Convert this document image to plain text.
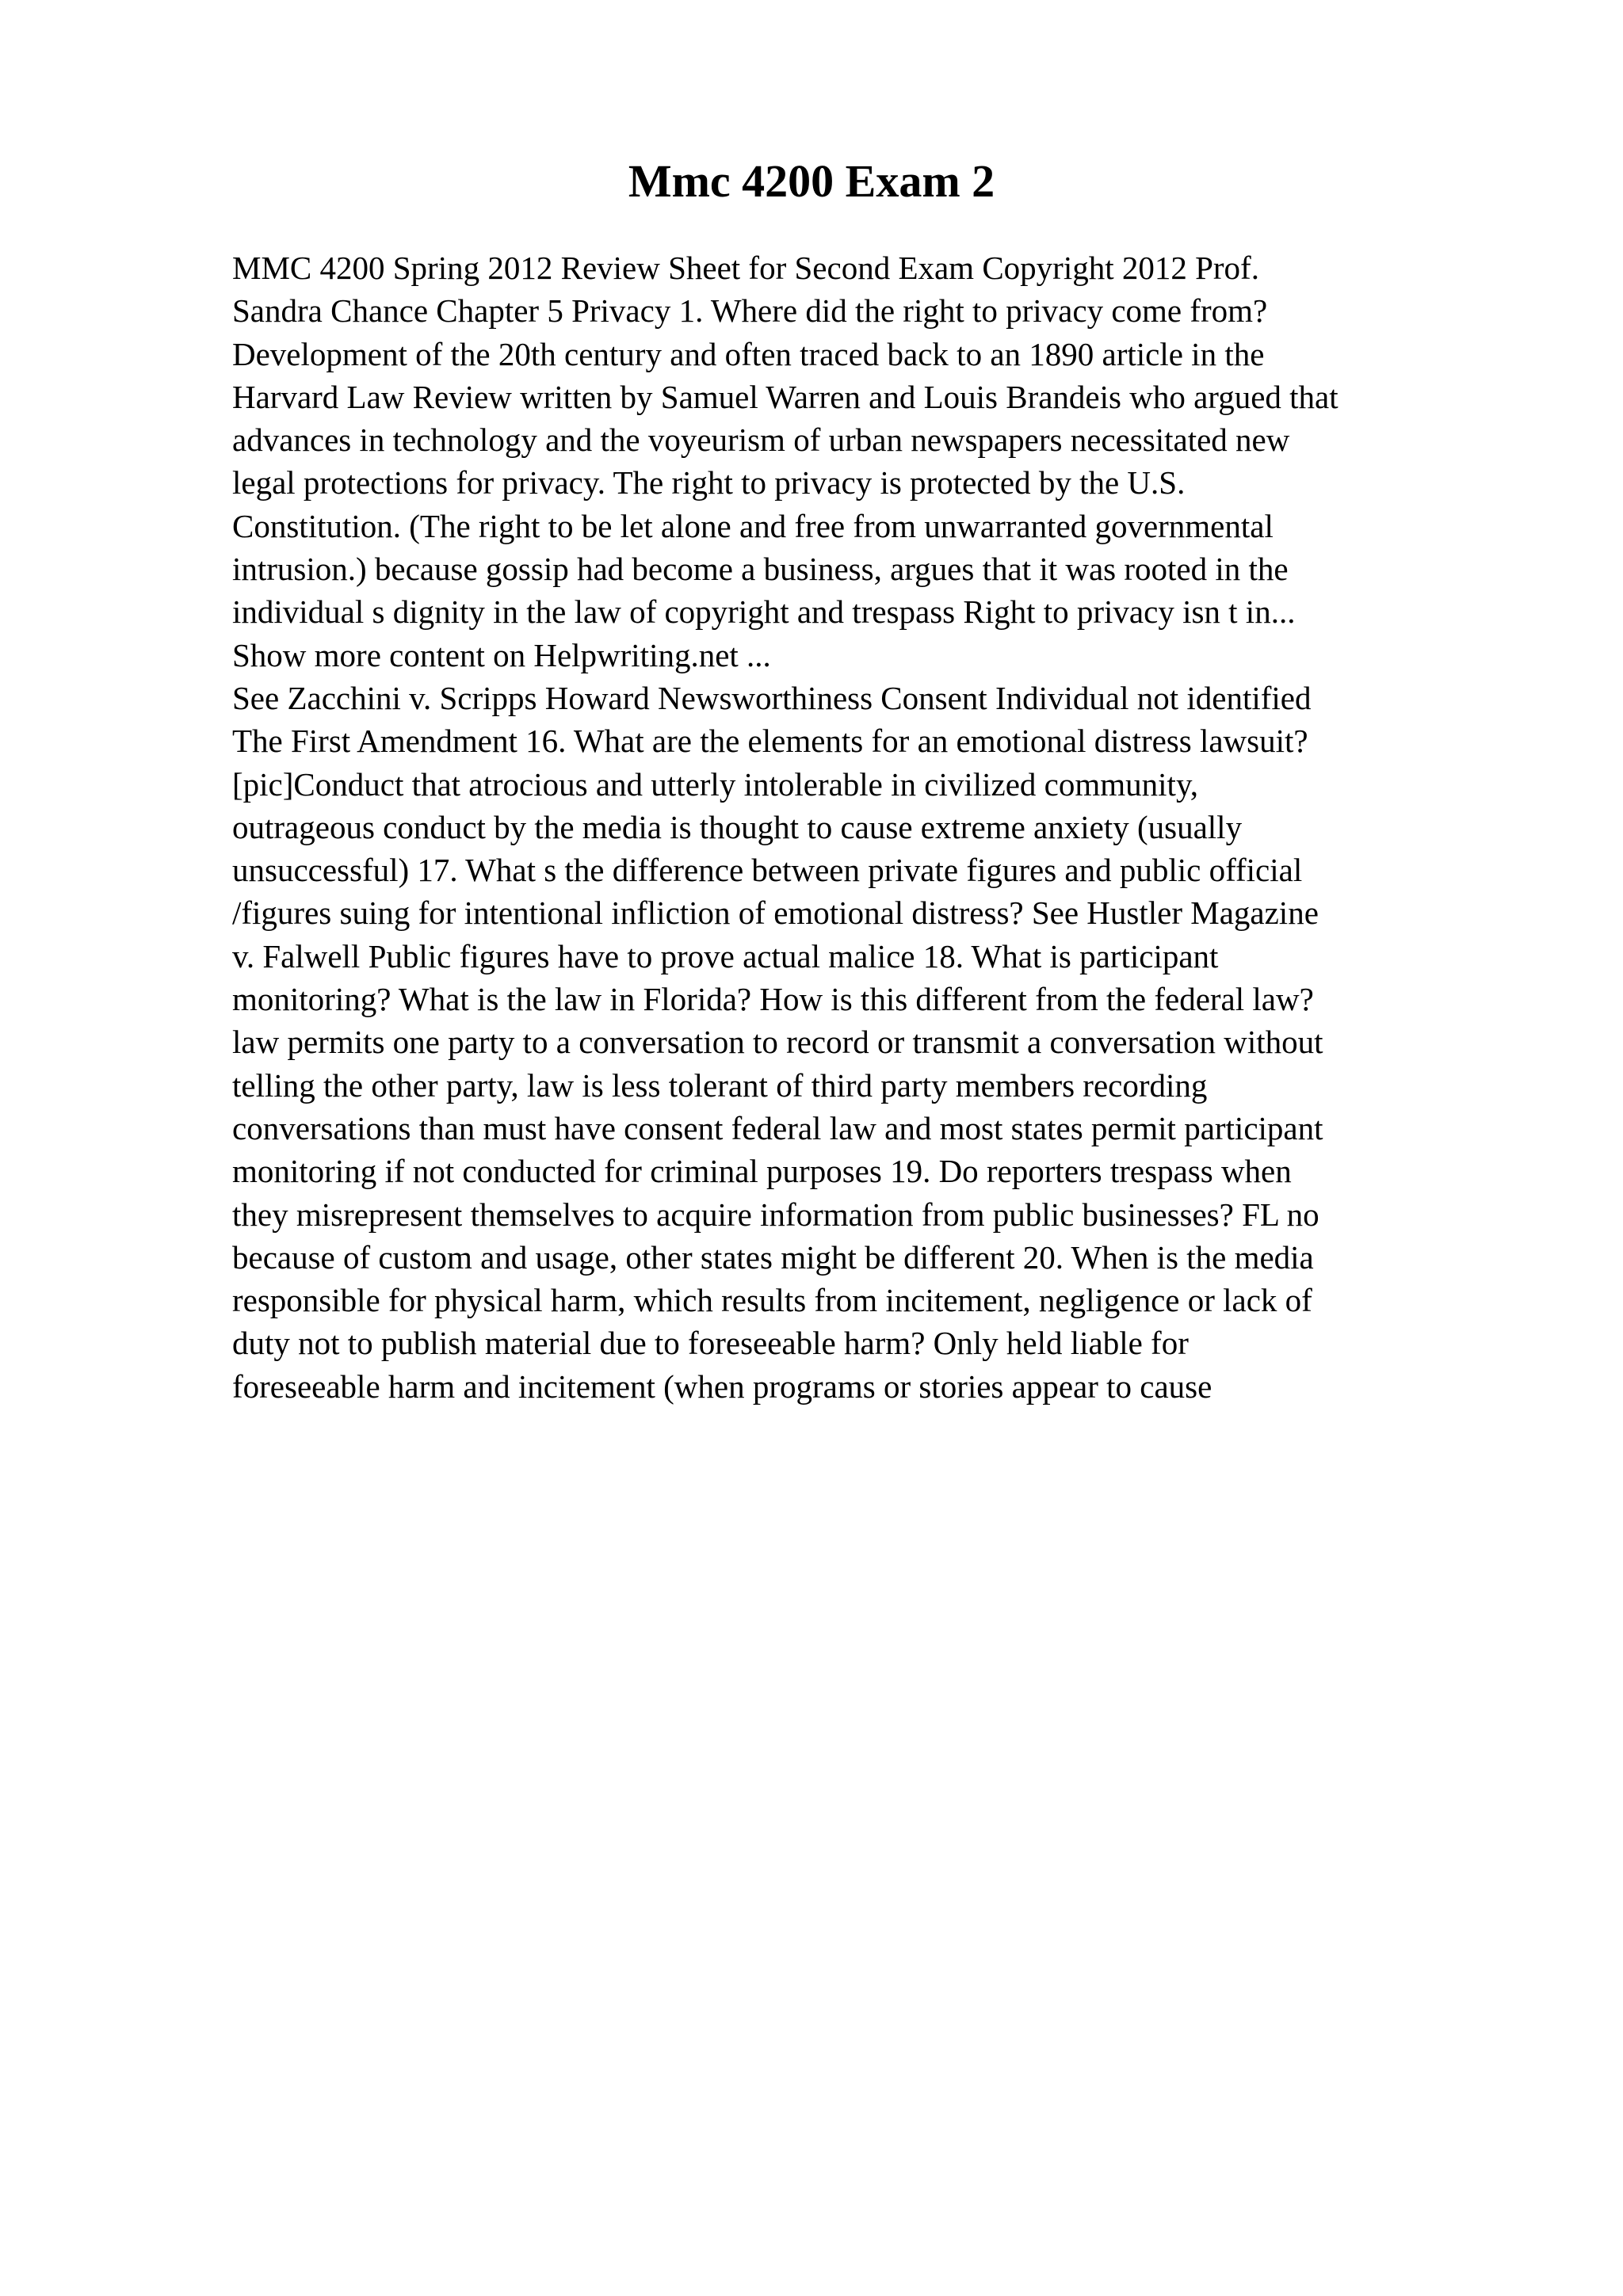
Mmc 4200 Exam 2
MMC 4200 Spring 2012 Review Sheet for Second Exam Copyright 2012 Prof.
Sandra Chance Chapter 5 Privacy 1. Where did the right to privacy come from?
Development of the 20th century and often traced back to an 1890 article in the
Harvard Law Review written by Samuel Warren and Louis Brandeis who argued that
advances in technology and the voyeurism of urban newspapers necessitated new
legal protections for privacy. The right to privacy is protected by the U.S.
Constitution. (The right to be let alone and free from unwarranted governmental
intrusion.) because gossip had become a business, argues that it was rooted in the
individual s dignity in the law of copyright and trespass Right to privacy isn t in...
Show more content on Helpwriting.net ...
See Zacchini v. Scripps Howard Newsworthiness Consent Individual not identified
The First Amendment 16. What are the elements for an emotional distress lawsuit?
[pic]Conduct that atrocious and utterly intolerable in civilized community,
outrageous conduct by the media is thought to cause extreme anxiety (usually
unsuccessful) 17. What s the difference between private figures and public official
/figures suing for intentional infliction of emotional distress? See Hustler Magazine
v. Falwell Public figures have to prove actual malice 18. What is participant
monitoring? What is the law in Florida? How is this different from the federal law?
law permits one party to a conversation to record or transmit a conversation without
telling the other party, law is less tolerant of third party members recording
conversations than must have consent federal law and most states permit participant
monitoring if not conducted for criminal purposes 19. Do reporters trespass when
they misrepresent themselves to acquire information from public businesses? FL no
because of custom and usage, other states might be different 20. When is the media
responsible for physical harm, which results from incitement, negligence or lack of
duty not to publish material due to foreseeable harm? Only held liable for
foreseeable harm and incitement (when programs or stories appear to cause
